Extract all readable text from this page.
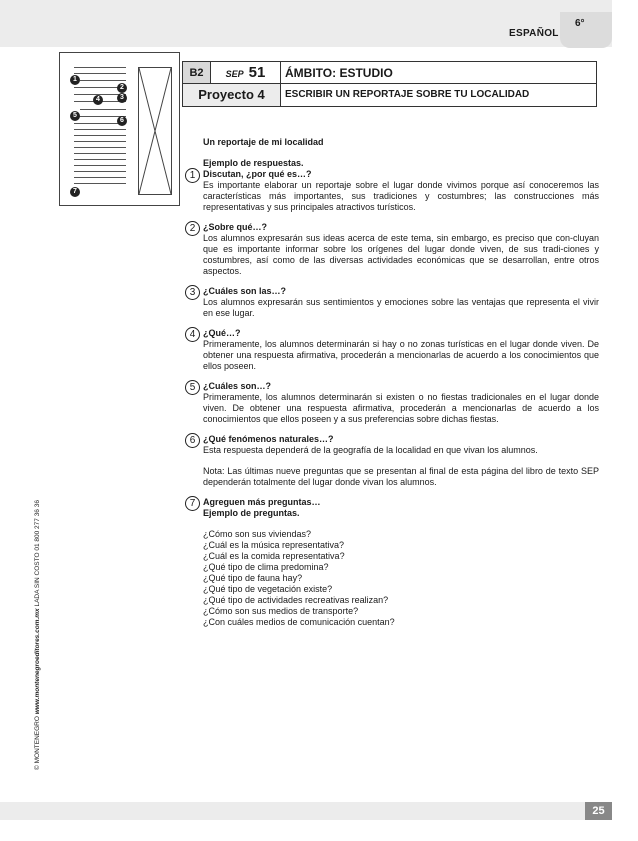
ESPAÑOL
6°
1
2
3
4
5
6
7
B2	SEP 51	ÁMBITO: ESTUDIO
Proyecto 4	ESCRIBIR UN REPORTAJE SOBRE TU LOCALIDAD

Un reportaje de mi localidad

Ejemplo de respuestas.

1 Discutan, ¿por qué es…?

Es importante elaborar un reportaje sobre el lugar donde vivimos porque así conoceremos las características más importantes, sus tradiciones y costumbres; las construcciones más representativas y sus principales atractivos turísticos.

2 ¿Sobre qué…?

Los alumnos expresarán sus ideas acerca de este tema, sin embargo, es preciso que con-cluyan que es importante informar sobre los orígenes del lugar donde viven, de sus tradi-ciones y costumbres, así como de las diversas actividades económicas que se desarrollan, entre otros aspectos.

3 ¿Cuáles son las…?

Los alumnos expresarán sus sentimientos y emociones sobre las ventajas que representa el vivir en ese lugar.

4 ¿Qué…?

Primeramente, los alumnos determinarán si hay o no zonas turísticas en el lugar donde viven. De obtener una respuesta afirmativa, procederán a mencionarlas de acuerdo a los conocimientos que ellos poseen.

5 ¿Cuáles son…?

Primeramente, los alumnos determinarán si existen o no fiestas tradicionales en el lugar donde viven. De obtener una respuesta afirmativa, procederán a mencionarlas de acuerdo a los conocimientos que ellos poseen y a sus preferencias sobre dichas fiestas.

6 ¿Qué fenómenos naturales…?

Esta respuesta dependerá de la geografía de la localidad en que vivan los alumnos.

Nota: Las últimas nueve preguntas que se presentan al final de esta página del libro de texto SEP dependerán totalmente del lugar donde vivan los alumnos.

7 Agreguen más preguntas…

Ejemplo de preguntas.

¿Cómo son sus viviendas?

¿Cuál es la música representativa?

¿Cuál es la comida representativa?

¿Qué tipo de clima predomina?

¿Qué tipo de fauna hay?

¿Qué tipo de vegetación existe?

¿Qué tipo de actividades recreativas realizan?

¿Cómo son sus medios de transporte?

¿Con cuáles medios de comunicación cuentan?

© MONTENEGRO www.montenegroeditores.com.mx LADA SIN COSTO 01 800 277 36 36
25
